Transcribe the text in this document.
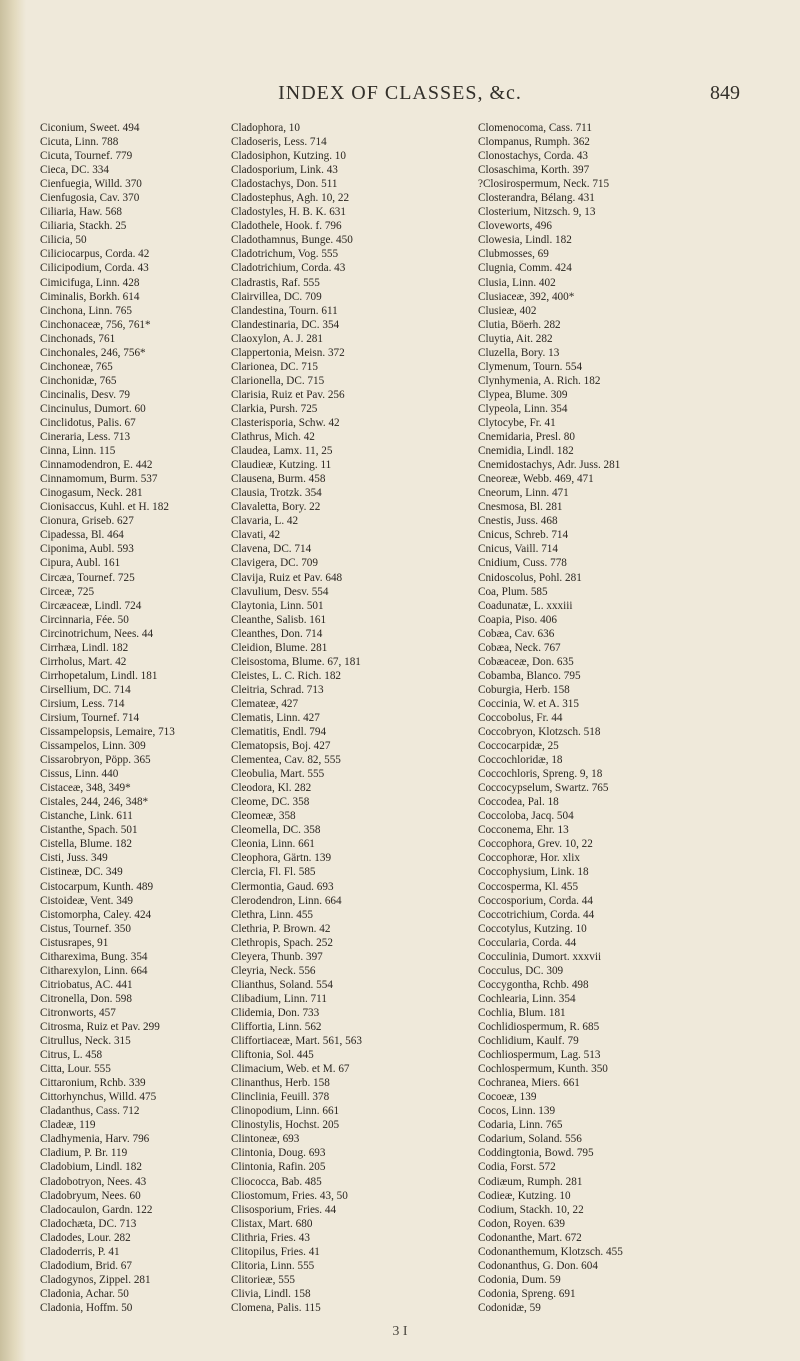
INDEX OF CLASSES, &c.	849
Ciconium, Sweet. 494
Cicuta, Linn. 788
Cicuta, Tournef. 779
Cieca, DC. 334
Cienfuegia, Willd. 370
Cienfugosia, Cav. 370
Ciliaria, Haw. 568
Ciliaria, Stackh. 25
Cilicia, 50
Ciliciocarpus, Corda. 42
Cilicipodium, Corda. 43
Cimicifuga, Linn. 428
Ciminalis, Borkh. 614
Cinchona, Linn. 765
Cinchonaceæ, 756, 761*
Cinchonads, 761
Cinchonales, 246, 756*
Cinchoneæ, 765
Cinchonidæ, 765
Cincinalis, Desv. 79
Cincinulus, Dumort. 60
Cinclidotus, Palis. 67
Cineraria, Less. 713
Cinna, Linn. 115
Cinnamodendron, E. 442
Cinnamomum, Burm. 537
Cinogasum, Neck. 281
Cionisaccus, Kuhl. et H. 182
Cionura, Griseb. 627
Cipadessa, Bl. 464
Ciponima, Aubl. 593
Cipura, Aubl. 161
Circæa, Tournef. 725
Circeæ, 725
Circæaceæ, Lindl. 724
Circinnaria, Fée. 50
Circinotrichum, Nees. 44
Cirrhæa, Lindl. 182
Cirrholus, Mart. 42
Cirrhopetalum, Lindl. 181
Cirsellium, DC. 714
Cirsium, Less. 714
Cirsium, Tournef. 714
Cissampelopsis, Lemaire, 713
Cissampelos, Linn. 309
Cissarobryon, Pöpp. 365
Cissus, Linn. 440
Cistaceæ, 348, 349*
Cistales, 244, 246, 348*
Cistanche, Link. 611
Cistanthe, Spach. 501
Cistella, Blume. 182
Cisti, Juss. 349
Cistineæ, DC. 349
Cistocarpum, Kunth. 489
Cistoideæ, Vent. 349
Cistomorpha, Caley. 424
Cistus, Tournef. 350
Cistusrapes, 91
Citharexima, Bung. 354
Citharexylon, Linn. 664
Citriobatus, AC. 441
Citronella, Don. 598
Citronworts, 457
Citrosma, Ruiz et Pav. 299
Citrullus, Neck. 315
Citrus, L. 458
Citta, Lour. 555
Cittaronium, Rchb. 339
Cittorhynchus, Willd. 475
Cladanthus, Cass. 712
Cladeæ, 119
Cladhymenia, Harv. 796
Cladium, P. Br. 119
Cladobium, Lindl. 182
Cladobotryon, Nees. 43
Cladobryum, Nees. 60
Cladocaulon, Gardn. 122
Cladochæta, DC. 713
Cladodes, Lour. 282
Cladoderris, P. 41
Cladodium, Brid. 67
Cladogynos, Zippel. 281
Cladonia, Achar. 50
Cladonia, Hoffm. 50
Cladophora, 10
Cladoseris, Less. 714
Cladosiphon, Kutzing. 10
Cladosporium, Link. 43
Cladostachys, Don. 511
Cladostephus, Agh. 10, 22
Cladostyles, H. B. K. 631
Cladothele, Hook. f. 796
Cladothamnus, Bunge. 450
Cladotrichum, Vog. 555
Cladotrichium, Corda. 43
Cladrastis, Raf. 555
Clairvillea, DC. 709
Clandestina, Tourn. 611
Clandestinaria, DC. 354
Claoxylon, A. J. 281
Clappertonia, Meisn. 372
Clarionea, DC. 715
Clarionella, DC. 715
Clarisia, Ruiz et Pav. 256
Clarkia, Pursh. 725
Clasterisporia, Schw. 42
Clathrus, Mich. 42
Claudea, Lamx. 11, 25
Claudieæ, Kutzing. 11
Clausena, Burm. 458
Clausia, Trotzk. 354
Clavaletta, Bory. 22
Clavaria, L. 42
Clavati, 42
Clavena, DC. 714
Clavigera, DC. 709
Clavija, Ruiz et Pav. 648
Clavulium, Desv. 554
Claytonia, Linn. 501
Cleanthe, Salisb. 161
Cleanthes, Don. 714
Cleidion, Blume. 281
Cleisostoma, Blume. 67, 181
Cleistes, L. C. Rich. 182
Cleitria, Schrad. 713
Clemateæ, 427
Clematis, Linn. 427
Clematitis, Endl. 794
Clematopsis, Boj. 427
Clementea, Cav. 82, 555
Cleobulia, Mart. 555
Cleodora, Kl. 282
Cleome, DC. 358
Cleomeæ, 358
Cleomella, DC. 358
Cleonia, Linn. 661
Cleophora, Gärtn. 139
Clercia, Fl. Fl. 585
Clermontia, Gaud. 693
Clerodendron, Linn. 664
Clethra, Linn. 455
Clethria, P. Brown. 42
Clethropis, Spach. 252
Cleyera, Thunb. 397
Cleyria, Neck. 556
Clianthus, Soland. 554
Clibadium, Linn. 711
Clidemia, Don. 733
Cliffortia, Linn. 562
Cliffortiaceæ, Mart. 561, 563
Cliftonia, Sol. 445
Climacium, Web. et M. 67
Clinanthus, Herb. 158
Clinclinia, Feuill. 378
Clinopodium, Linn. 661
Clinostylis, Hochst. 205
Clintoneæ, 693
Clintonia, Doug. 693
Clintonia, Rafin. 205
Cliococca, Bab. 485
Cliostomum, Fries. 43, 50
Clisosporium, Fries. 44
Clistax, Mart. 680
Clithria, Fries. 43
Clitopilus, Fries. 41
Clitoria, Linn. 555
Clitorieæ, 555
Clivia, Lindl. 158
Clomena, Palis. 115
Clomenocoma, Cass. 711
Clompanus, Rumph. 362
Clonostachys, Corda. 43
Closaschima, Korth. 397
?Closirospermum, Neck. 715
Closterandra, Bélang. 431
Closterium, Nitzsch. 9, 13
Cloveworts, 496
Clowesia, Lindl. 182
Clubmosses, 69
Clugnia, Comm. 424
Clusia, Linn. 402
Clusiaceæ, 392, 400*
Clusieæ, 402
Clutia, Böerh. 282
Cluytia, Ait. 282
Cluzella, Bory. 13
Clymenum, Tourn. 554
Clynhymenia, A. Rich. 182
Clypea, Blume. 309
Clypeola, Linn. 354
Clytocybe, Fr. 41
Cnemidaria, Presl. 80
Cnemidia, Lindl. 182
Cnemidostachys, Adr. Juss. 281
Cneoreæ, Webb. 469, 471
Cneorum, Linn. 471
Cnesmosa, Bl. 281
Cnestis, Juss. 468
Cnicus, Schreb. 714
Cnicus, Vaill. 714
Cnidium, Cuss. 778
Cnidoscolus, Pohl. 281
Coa, Plum. 585
Coadunatæ, L. xxxiii
Coapia, Piso. 406
Cobæa, Cav. 636
Cobæa, Neck. 767
Cobæaceæ, Don. 635
Cobamba, Blanco. 795
Coburgia, Herb. 158
Coccinia, W. et A. 315
Coccobolus, Fr. 44
Coccobryon, Klotzsch. 518
Coccocarpidæ, 25
Coccochloridæ, 18
Coccochloris, Spreng. 9, 18
Coccocypselum, Swartz. 765
Coccodea, Pal. 18
Coccoloba, Jacq. 504
Cocconema, Ehr. 13
Coccophora, Grev. 10, 22
Coccophoræ, Hor. xlix
Coccophysium, Link. 18
Coccosperma, Kl. 455
Coccosporium, Corda. 44
Coccotrichium, Corda. 44
Coccotylus, Kutzing. 10
Coccularia, Corda. 44
Cocculinia, Dumort. xxxvii
Cocculus, DC. 309
Coccygontha, Rchb. 498
Cochlearia, Linn. 354
Cochlia, Blum. 181
Cochlidiospermum, R. 685
Cochlidium, Kaulf. 79
Cochliospermum, Lag. 513
Cochlospermum, Kunth. 350
Cochranea, Miers. 661
Cocoeæ, 139
Cocos, Linn. 139
Codaria, Linn. 765
Codarium, Soland. 556
Coddingtonia, Bowd. 795
Codia, Forst. 572
Codiæum, Rumph. 281
Codieæ, Kutzing. 10
Codium, Stackh. 10, 22
Codon, Royen. 639
Codonanthe, Mart. 672
Codonanthemum, Klotzsch. 455
Codonanthus, G. Don. 604
Codonia, Dum. 59
Codonia, Spreng. 691
Codonidæ, 59
3 I
